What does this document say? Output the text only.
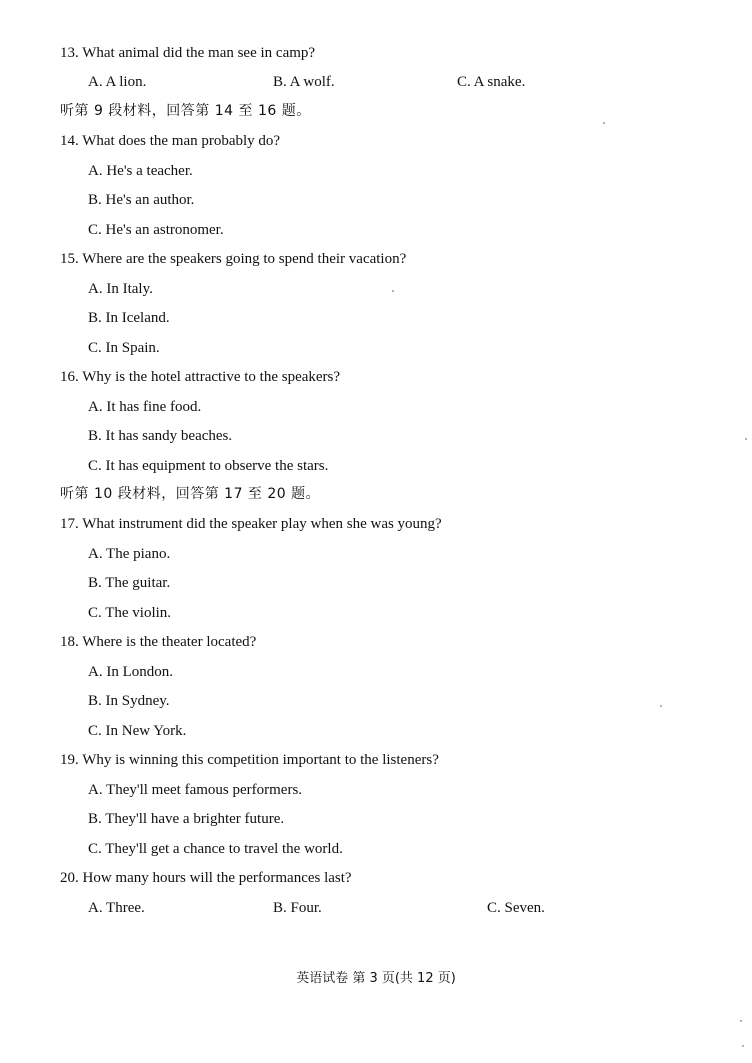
13. What animal did the man see in camp?
A. A lion.	B. A wolf.	C. A snake.
听第 9 段材料，回答第 14 至 16 题。
14. What does the man probably do?
A. He's a teacher.
B. He's an author.
C. He's an astronomer.
15. Where are the speakers going to spend their vacation?
A. In Italy.
B. In Iceland.
C. In Spain.
16. Why is the hotel attractive to the speakers?
A. It has fine food.
B. It has sandy beaches.
C. It has equipment to observe the stars.
听第 10 段材料，回答第 17 至 20 题。
17. What instrument did the speaker play when she was young?
A. The piano.
B. The guitar.
C. The violin.
18. Where is the theater located?
A. In London.
B. In Sydney.
C. In New York.
19. Why is winning this competition important to the listeners?
A. They'll meet famous performers.
B. They'll have a brighter future.
C. They'll get a chance to travel the world.
20. How many hours will the performances last?
A. Three.	B. Four.	C. Seven.
英语试卷 第 3 页(共 12 页)
